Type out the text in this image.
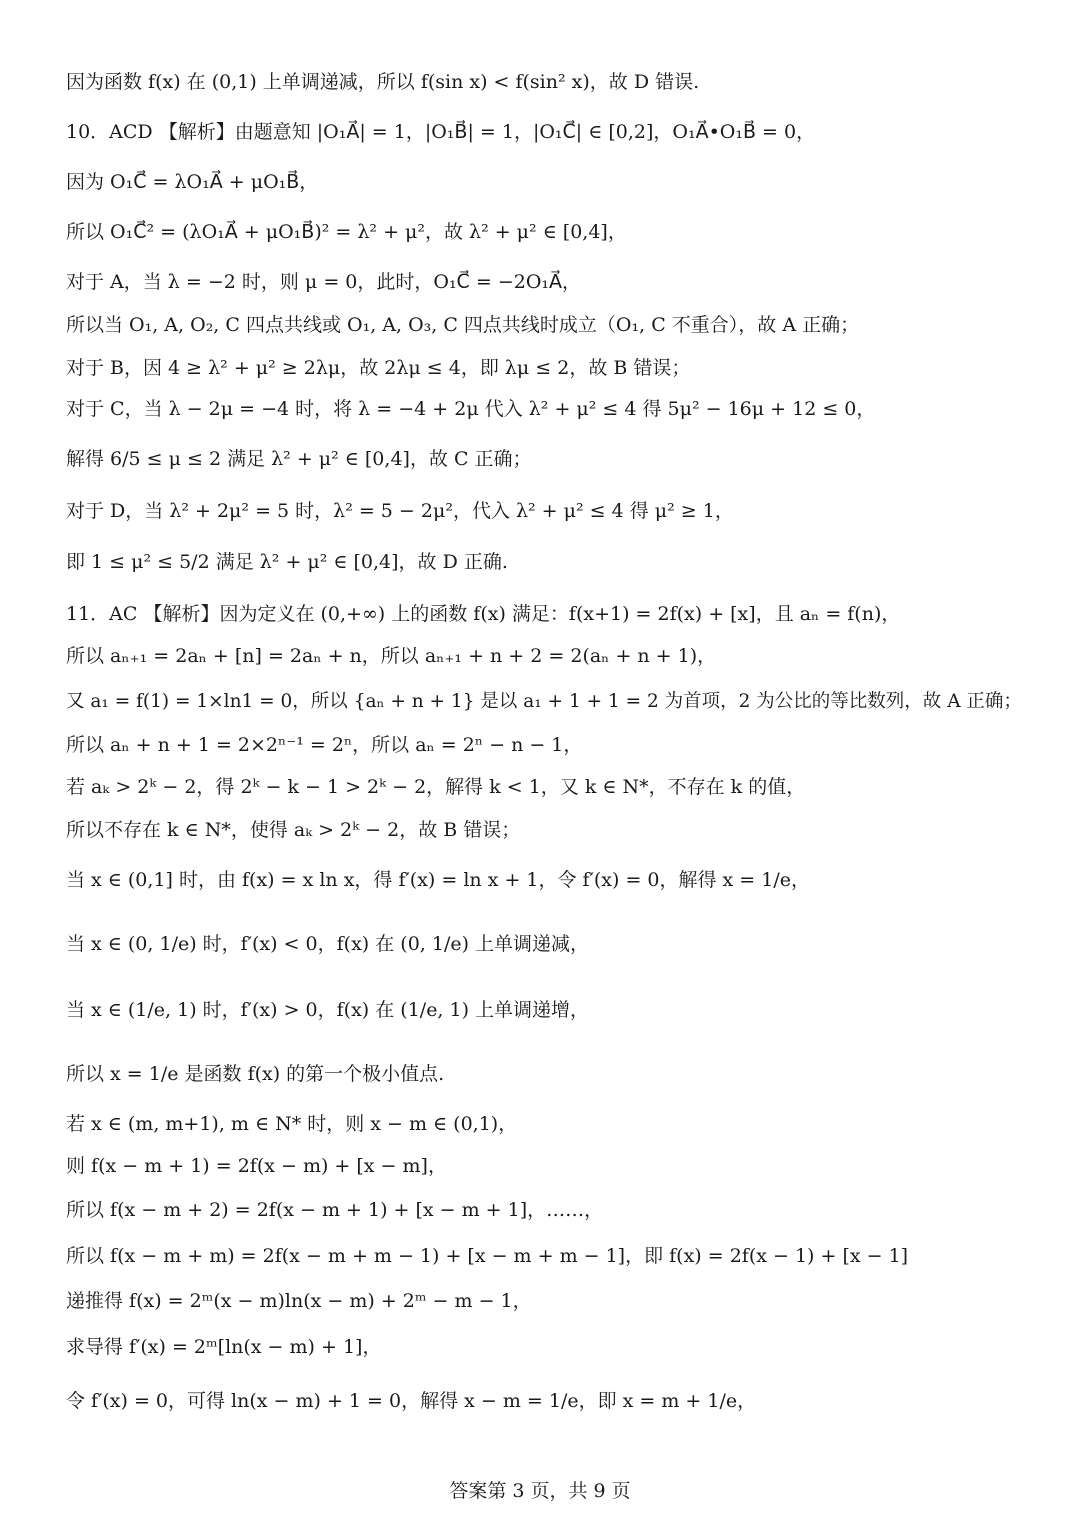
因为函数 f(x) 在 (0,1) 上单调递减，所以 f(sin x) < f(sin² x)，故 D 错误.
10．ACD 【解析】由题意知 |O₁A⃗| = 1，|O₁B⃗| = 1，|O₁C⃗| ∈ [0,2]，O₁A⃗•O₁B⃗ = 0，
因为 O₁C⃗ = λO₁A⃗ + μO₁B⃗，
所以 O₁C⃗² = (λO₁A⃗ + μO₁B⃗)² = λ² + μ²，故 λ² + μ² ∈ [0,4]，
对于 A，当 λ = −2 时，则 μ = 0，此时，O₁C⃗ = −2O₁A⃗，
所以当 O₁, A, O₂, C 四点共线或 O₁, A, O₃, C 四点共线时成立（O₁, C 不重合），故 A 正确；
对于 B，因 4 ≥ λ² + μ² ≥ 2λμ，故 2λμ ≤ 4，即 λμ ≤ 2，故 B 错误；
对于 C，当 λ − 2μ = −4 时，将 λ = −4 + 2μ 代入 λ² + μ² ≤ 4 得 5μ² − 16μ + 12 ≤ 0，
解得 6/5 ≤ μ ≤ 2 满足 λ² + μ² ∈ [0,4]，故 C 正确；
对于 D，当 λ² + 2μ² = 5 时，λ² = 5 − 2μ²，代入 λ² + μ² ≤ 4 得 μ² ≥ 1，
即 1 ≤ μ² ≤ 5/2 满足 λ² + μ² ∈ [0,4]，故 D 正确.
11．AC 【解析】因为定义在 (0,+∞) 上的函数 f(x) 满足：f(x+1) = 2f(x) + [x]，且 aₙ = f(n)，
所以 aₙ₊₁ = 2aₙ + [n] = 2aₙ + n，所以 aₙ₊₁ + n + 2 = 2(aₙ + n + 1)，
又 a₁ = f(1) = 1×ln1 = 0，所以 {aₙ + n + 1} 是以 a₁ + 1 + 1 = 2 为首项，2 为公比的等比数列，故 A 正确；
所以 aₙ + n + 1 = 2×2ⁿ⁻¹ = 2ⁿ，所以 aₙ = 2ⁿ − n − 1，
若 aₖ > 2ᵏ − 2，得 2ᵏ − k − 1 > 2ᵏ − 2，解得 k < 1，又 k ∈ N*，不存在 k 的值，
所以不存在 k ∈ N*，使得 aₖ > 2ᵏ − 2，故 B 错误；
当 x ∈ (0,1] 时，由 f(x) = x ln x，得 f′(x) = ln x + 1，令 f′(x) = 0，解得 x = 1/e，
当 x ∈ (0, 1/e) 时，f′(x) < 0，f(x) 在 (0, 1/e) 上单调递减，
当 x ∈ (1/e, 1) 时，f′(x) > 0，f(x) 在 (1/e, 1) 上单调递增，
所以 x = 1/e 是函数 f(x) 的第一个极小值点.
若 x ∈ (m, m+1), m ∈ N* 时，则 x − m ∈ (0,1)，
则 f(x − m + 1) = 2f(x − m) + [x − m]，
所以 f(x − m + 2) = 2f(x − m + 1) + [x − m + 1]，……，
所以 f(x − m + m) = 2f(x − m + m − 1) + [x − m + m − 1]，即 f(x) = 2f(x − 1) + [x − 1]
递推得 f(x) = 2ᵐ(x − m)ln(x − m) + 2ᵐ − m − 1，
求导得 f′(x) = 2ᵐ[ln(x − m) + 1]，
令 f′(x) = 0，可得 ln(x − m) + 1 = 0，解得 x − m = 1/e，即 x = m + 1/e，
答案第 3 页，共 9 页
